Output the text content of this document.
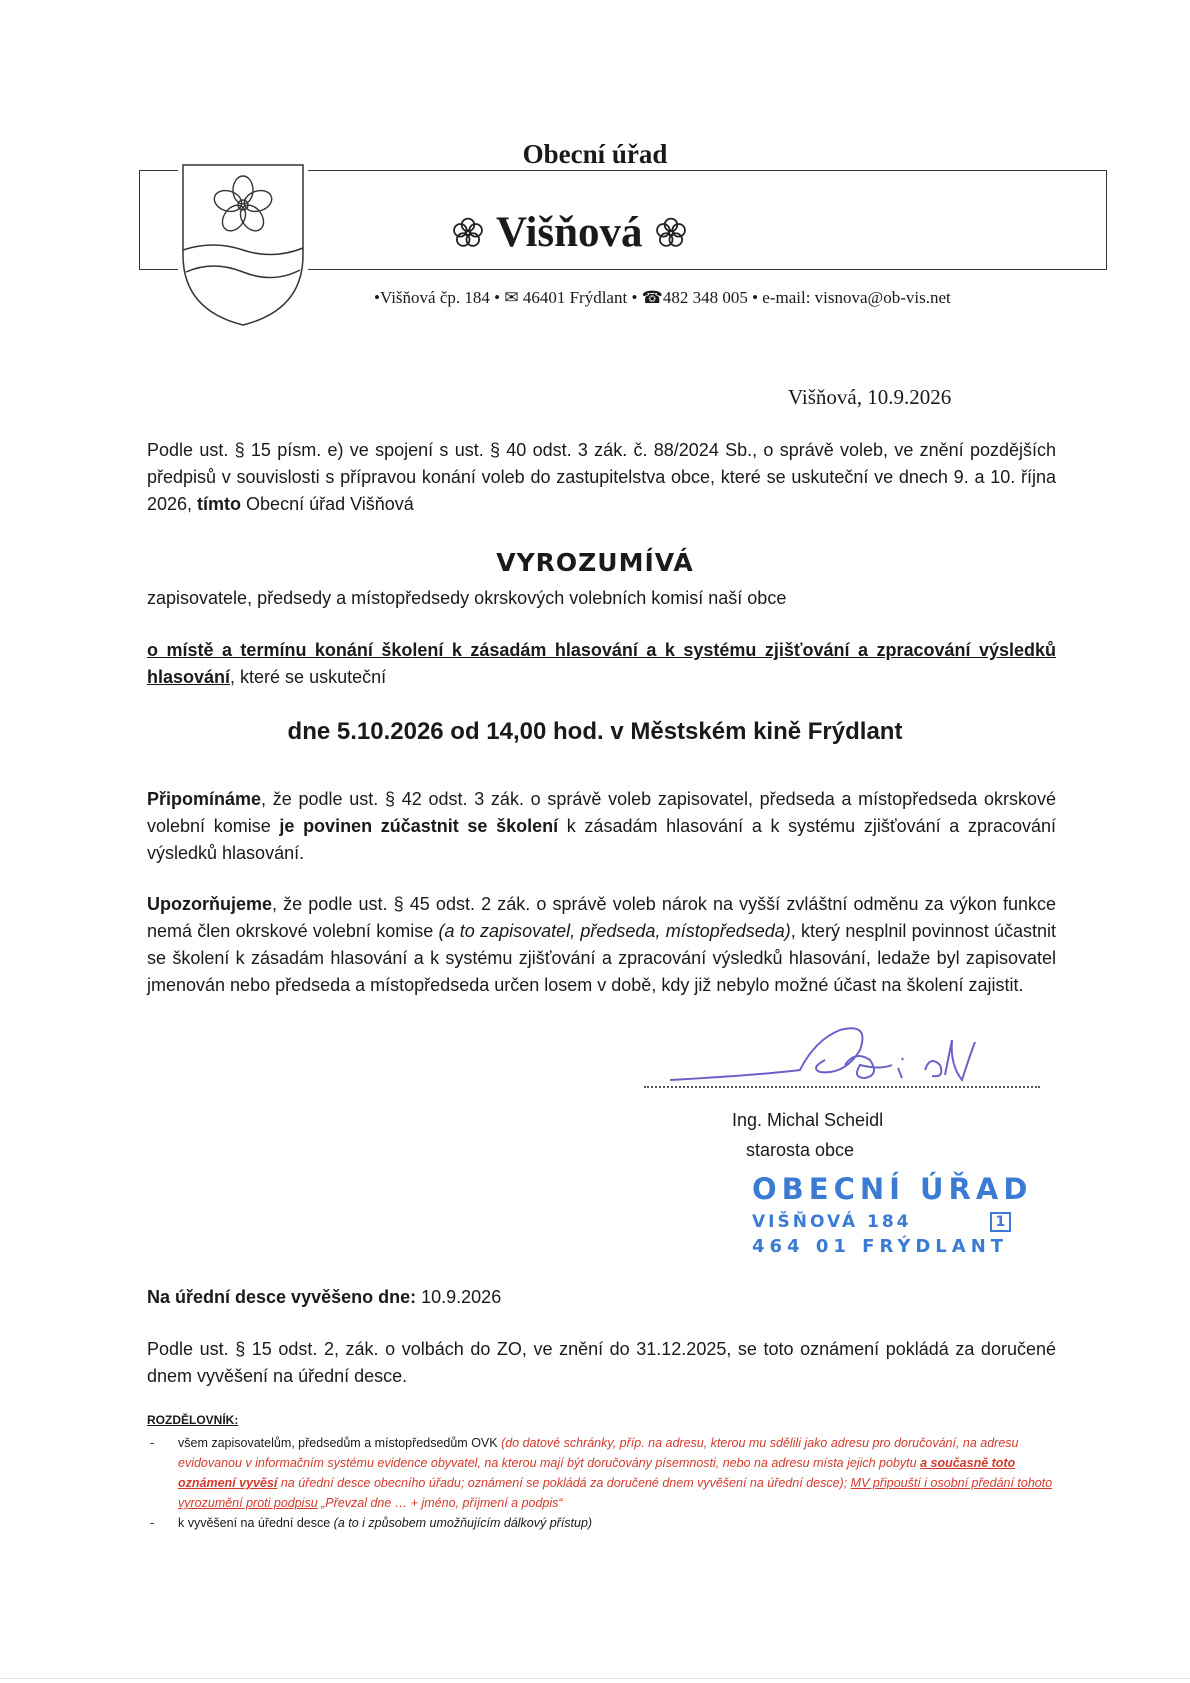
Obecní úřad
Višňová
•Višňová čp. 184 • ✉ 46401 Frýdlant • ☎482 348 005 • e-mail: visnova@ob-vis.net
Višňová, 10.9.2026
Podle ust. § 15 písm. e) ve spojení s ust. § 40 odst. 3 zák. č. 88/2024 Sb., o správě voleb, ve znění pozdějších předpisů v souvislosti s přípravou konání voleb do zastupitelstva obce, které se uskuteční ve dnech 9. a 10. října 2026, tímto Obecní úřad Višňová
VYROZUMÍVÁ
zapisovatele, předsedy a místopředsedy okrskových volebních komisí naší obce
o místě a termínu konání školení k zásadám hlasování a k systému zjišťování a zpracování výsledků hlasování, které se uskuteční
dne 5.10.2026 od 14,00 hod. v Městském kině Frýdlant
Připomínáme, že podle ust. § 42 odst. 3 zák. o správě voleb zapisovatel, předseda a místopředseda okrskové volební komise je povinen zúčastnit se školení k zásadám hlasování a k systému zjišťování a zpracování výsledků hlasování.
Upozorňujeme, že podle ust. § 45 odst. 2 zák. o správě voleb nárok na vyšší zvláštní odměnu za výkon funkce nemá člen okrskové volební komise (a to zapisovatel, předseda, místopředseda), který nesplnil povinnost účastnit se školení k zásadám hlasování a k systému zjišťování a zpracování výsledků hlasování, ledaže byl zapisovatel jmenován nebo předseda a místopředseda určen losem v době, kdy již nebylo možné účast na školení zajistit.
Ing. Michal Scheidl
starosta obce
OBECNÍ ÚŘAD
VIŠŇOVÁ 184	1
464 01 FRÝDLANT
Na úřední desce vyvěšeno dne: 10.9.2026
Podle ust. § 15 odst. 2, zák. o volbách do ZO, ve znění do 31.12.2025, se toto oznámení pokládá za doručené dnem vyvěšení na úřední desce.
ROZDĚLOVNÍK:
-	všem zapisovatelům, předsedům a místopředsedům OVK (do datové schránky, příp. na adresu, kterou mu sdělili jako adresu pro doručování, na adresu evidovanou v informačním systému evidence obyvatel, na kterou mají být doručovány písemnosti, nebo na adresu místa jejich pobytu a současně toto oznámení vyvěsí na úřední desce obecního úřadu; oznámení se pokládá za doručené dnem vyvěšení na úřední desce); MV připouští i osobní předání tohoto vyrozumění proti podpisu „Převzal dne … + jméno, příjmení a podpis“
-	k vyvěšení na úřední desce (a to i způsobem umožňujícím dálkový přístup)
